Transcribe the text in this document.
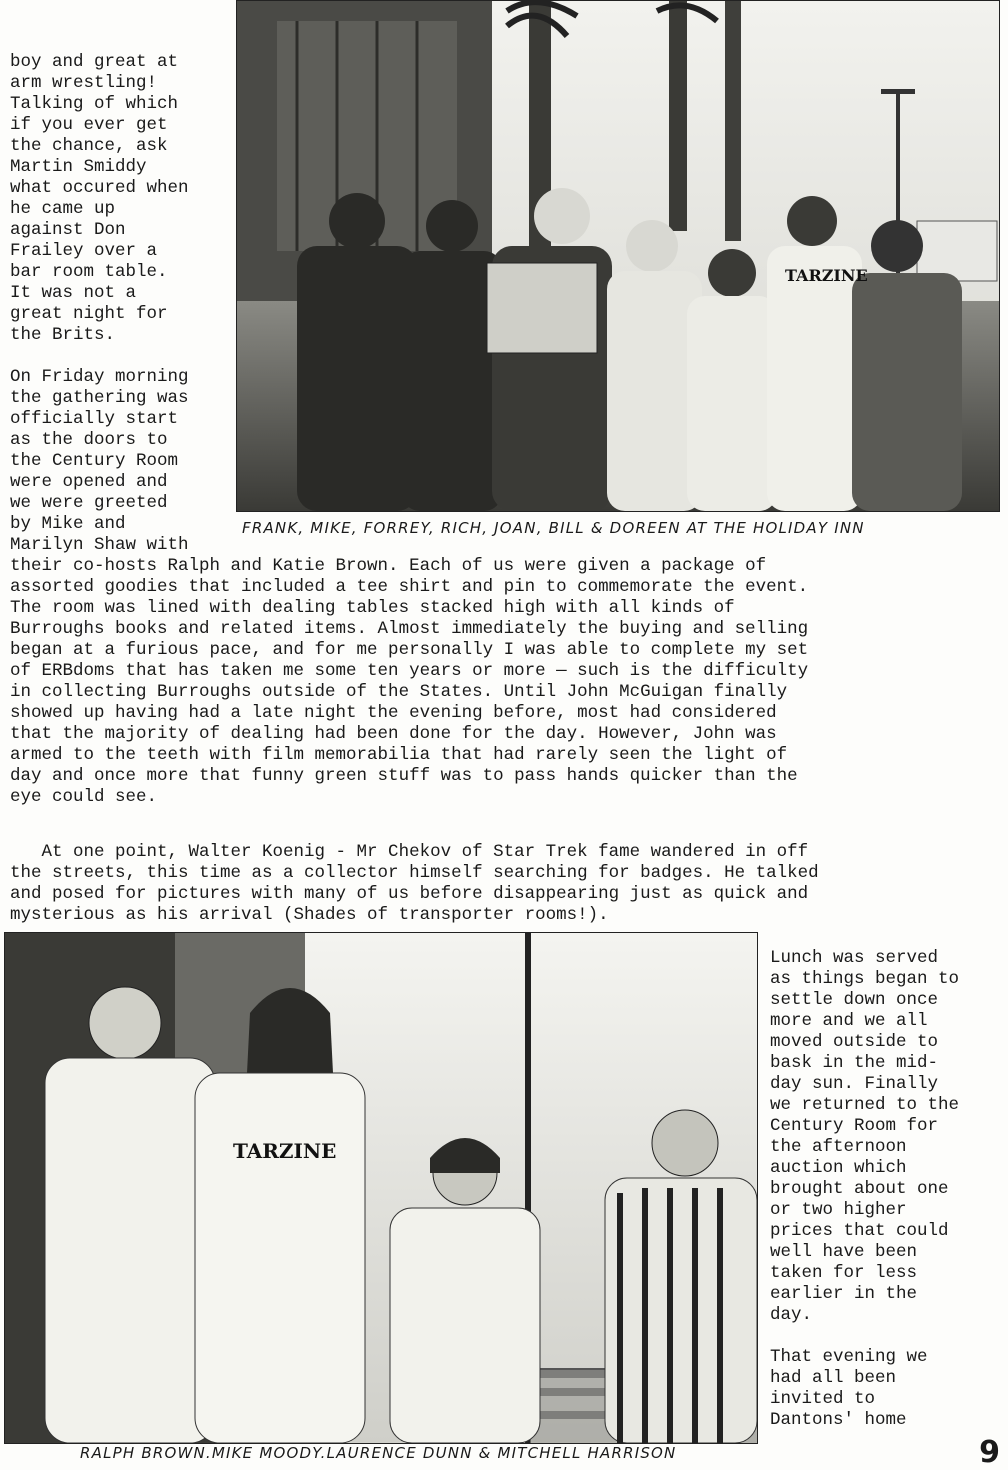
boy and great at
arm wrestling!
Talking of which
if you ever get
the chance, ask
Martin Smiddy
what occured when
he came up
against Don
Frailey over a
bar room table.
It was not a
great night for
the Brits.

On Friday morning
the gathering was
officially start
as the doors to
the Century Room
were opened and
we were greeted
by Mike and
Marilyn Shaw with
TARZINE
FRANK, MIKE, FORREY, RICH, JOAN, BILL & DOREEN AT THE HOLIDAY INN
their co-hosts Ralph and Katie Brown. Each of us were given a package of
assorted goodies that included a tee shirt and pin to commemorate the event.
The room was lined with dealing tables stacked high with all kinds of
Burroughs books and related items. Almost immediately the buying and selling
began at a furious pace, and for me personally I was able to complete my set
of ERBdoms that has taken me some ten years or more — such is the difficulty
in collecting Burroughs outside of the States. Until John McGuigan finally
showed up having had a late night the evening before, most had considered
that the majority of dealing had been done for the day. However, John was
armed to the teeth with film memorabilia that had rarely seen the light of
day and once more that funny green stuff was to pass hands quicker than the
eye could see.
At one point, Walter Koenig - Mr Chekov of Star Trek fame wandered in off
the streets, this time as a collector himself searching for badges. He talked
and posed for pictures with many of us before disappearing just as quick and
mysterious as his arrival (Shades of transporter rooms!).
TARZINE
Lunch was served
as things began to
settle down once
more and we all
moved outside to
bask in the mid-
day sun. Finally
we returned to the
Century Room for
the afternoon
auction which
brought about one
or two higher
prices that could
well have been
taken for less
earlier in the
day.

That evening we
had all been
invited to
Dantons' home
RALPH BROWN.MIKE MOODY.LAURENCE DUNN & MITCHELL HARRISON	9
